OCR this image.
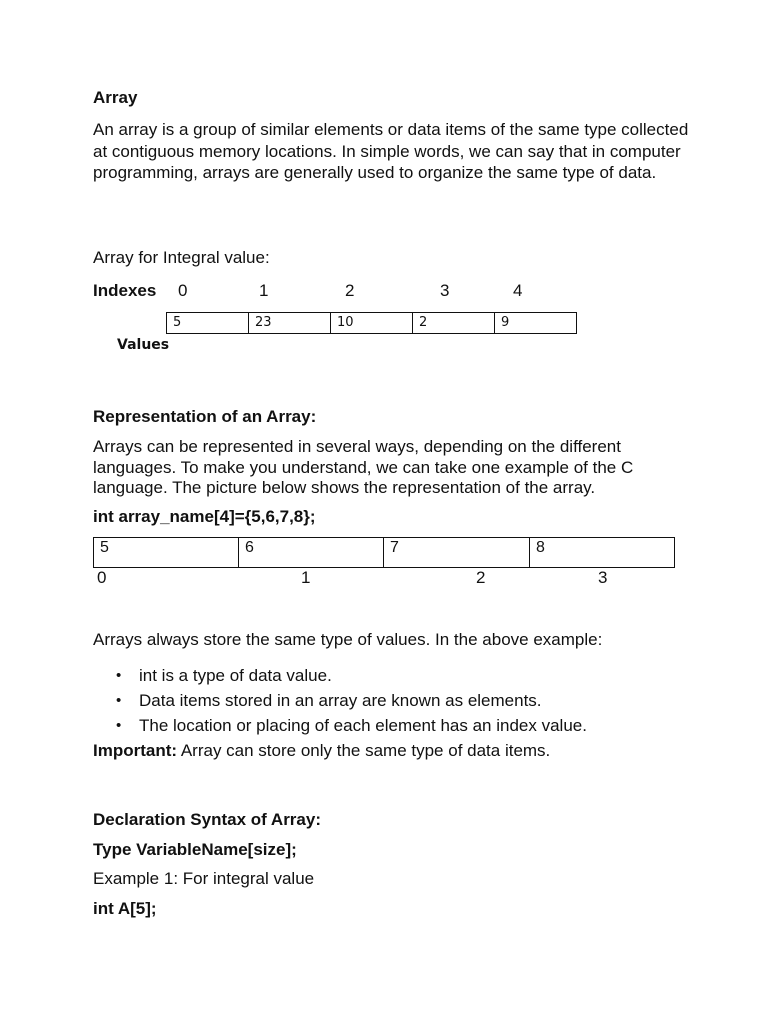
Array
An array is a group of similar elements or data items of the same type collected at contiguous memory locations. In simple words, we can say that in computer programming, arrays are generally used to organize the same type of data.
Array for Integral value:
Indexes 0	1	2	3	4
5	23	10	2	9
Values
Representation of an Array:
Arrays can be represented in several ways, depending on the different languages. To make you understand, we can take one example of the C language. The picture below shows the representation of the array.
int array_name[4]={5,6,7,8};
5	6	7	8
0	1	2	3
Arrays always store the same type of values. In the above example:
• int is a type of data value.
• Data items stored in an array are known as elements.
• The location or placing of each element has an index value.
Important: Array can store only the same type of data items.
Declaration Syntax of Array:
Type VariableName[size];
Example 1: For integral value
int A[5];
